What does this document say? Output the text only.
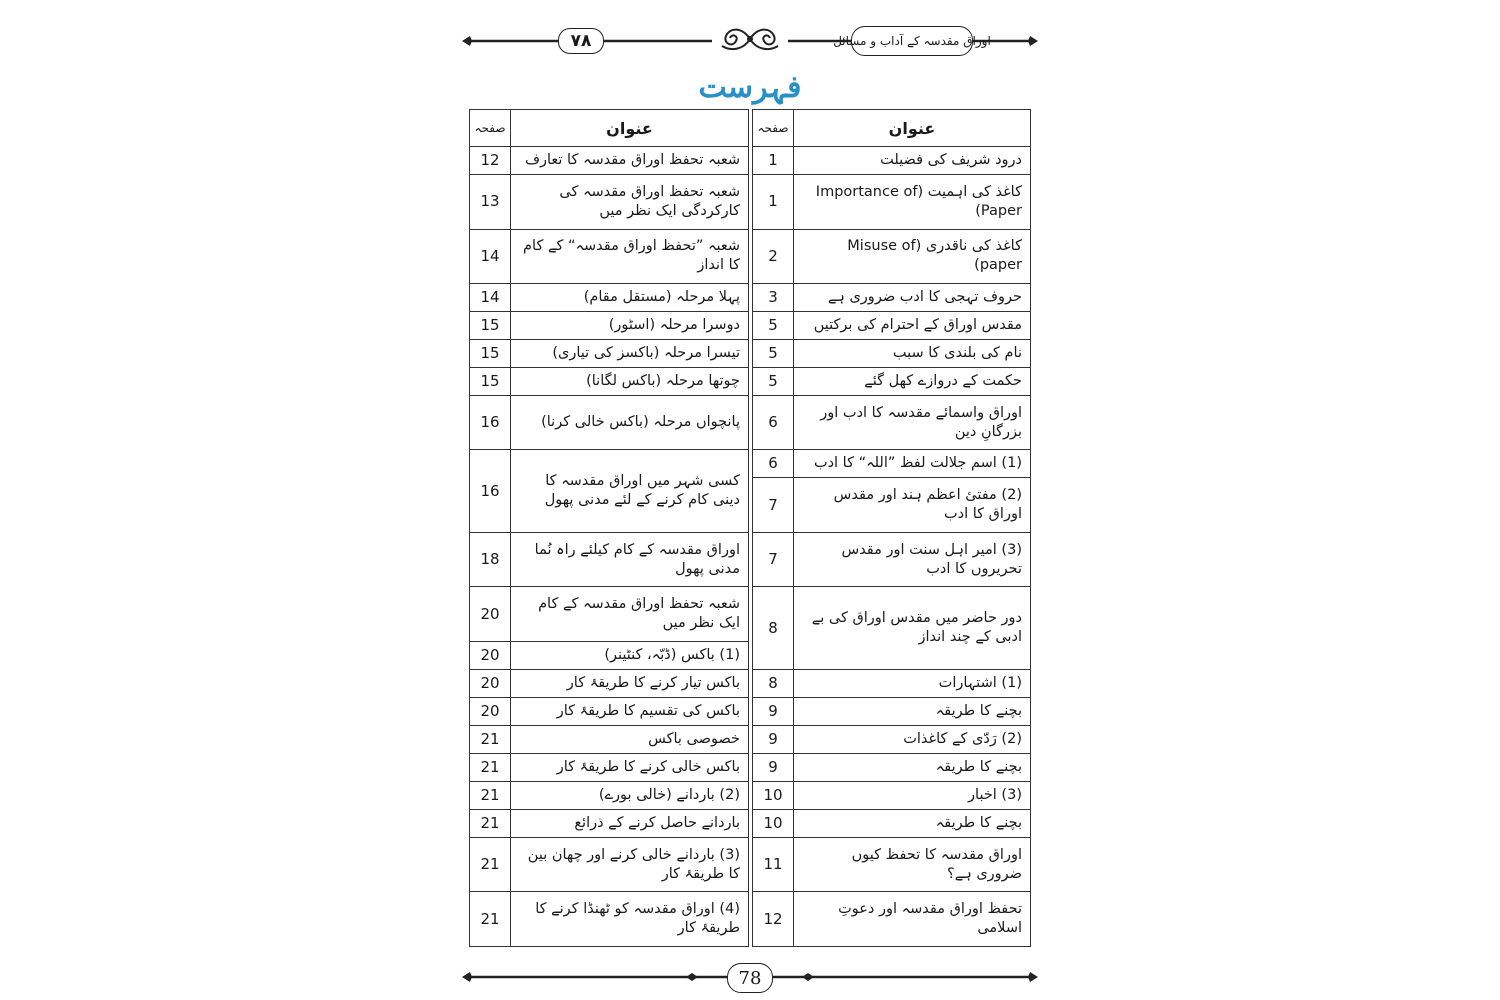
۷۸	اوراق مقدسہ کے آداب و مسائل
فہرست
عنوان	صفحہ		عنوان	صفحہ
درود شریف کی فضیلت	1		شعبہ تحفظ اوراق مقدسہ کا تعارف	12
کاغذ کی اہمیت (Importance of Paper)	1		شعبہ تحفظ اوراق مقدسہ کی کارکردگی ایک نظر میں	13
کاغذ کی ناقدری (Misuse of paper)	2		شعبہ ”تحفظ اوراق مقدسہ“ کے کام کا انداز	14
حروف تہجی کا ادب ضروری ہے	3		پہلا مرحلہ (مستقل مقام)	14
مقدس اوراق کے احترام کی برکتیں	5		دوسرا مرحلہ (اسٹور)	15
نام کی بلندی کا سبب	5		تیسرا مرحلہ (باکسز کی تیاری)	15
حکمت کے دروازے کھل گئے	5		چوتھا مرحلہ (باکس لگانا)	15
اوراق واسمائے مقدسہ کا ادب اور بزرگانِ دین	6		پانچواں مرحلہ (باکس خالی کرنا)	16
(1) اسم جلالت لفظ ”اللہ“ کا ادب	6		کسی شہر میں اوراق مقدسہ کا دینی کام کرنے کے لئے مدنی پھول	16
(2) مفتیٔ اعظم ہند اور مقدس اوراق کا ادب	7			
(3) امیر اہل سنت اور مقدس تحریروں کا ادب	7		اوراق مقدسہ کے کام کیلئے راہ نُما مدنی پھول	18
دور حاضر میں مقدس اوراق کی بے ادبی کے چند انداز	8		شعبہ تحفظ اوراق مقدسہ کے کام ایک نظر میں	20
			(1) باکس (ڈبّہ، کنٹینر)	20
(1) اشتہارات	8		باکس تیار کرنے کا طریقۂ کار	20
بچنے کا طریقہ	9		باکس کی تقسیم کا طریقۂ کار	20
(2) رَدّی کے کاغذات	9		خصوصی باکس	21
بچنے کا طریقہ	9		باکس خالی کرنے کا طریقۂ کار	21
(3) اخبار	10		(2) باردانے (خالی بورے)	21
بچنے کا طریقہ	10		باردانے حاصل کرنے کے ذرائع	21
اوراق مقدسہ کا تحفظ کیوں ضروری ہے؟	11		(3) باردانے خالی کرنے اور چھان بین کا طریقۂ کار	21
تحفظ اوراق مقدسہ اور دعوتِ اسلامی	12		(4) اوراق مقدسہ کو ٹھنڈا کرنے کا طریقۂ کار	21
78
